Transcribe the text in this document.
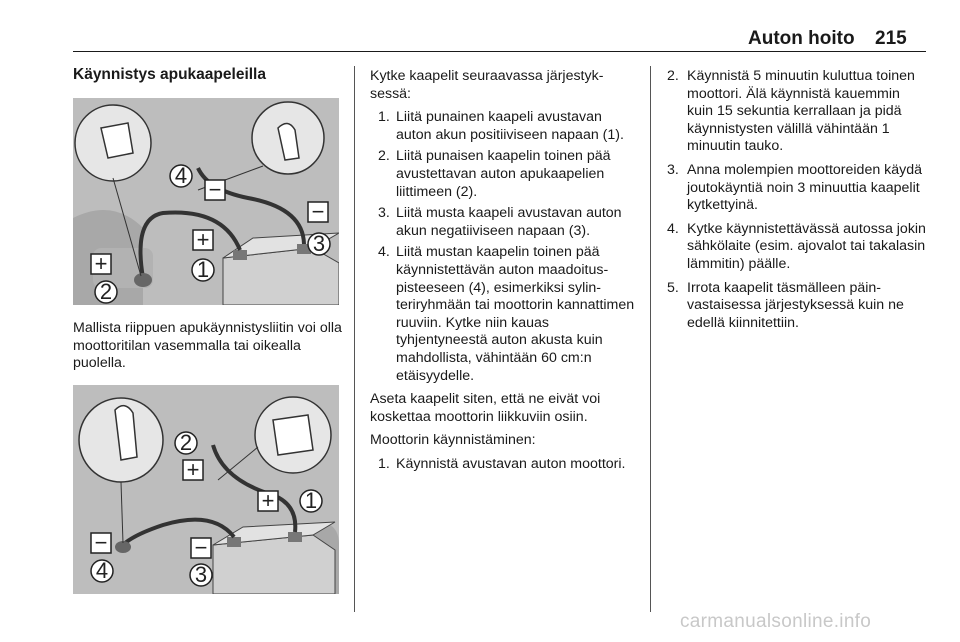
Auton hoito 215
Käynnistys apukaapeleilla
−
−
+
+
4
3
1
2

Mallista riippuen apukäynnistysliitin voi olla moottoritilan vasemmalla tai oikealla puolella.

+
+
−	−
2
1
4	3

Kytke kaapelit seuraavassa järjestyksessä:

1. Liitä punainen kaapeli avustavan auton akun positiiviseen napaan (1).
2. Liitä punaisen kaapelin toinen pää avustettavan auton apukaapelien liittimeen (2).
3. Liitä musta kaapeli avustavan auton akun negatiiviseen napaan (3).
4. Liitä mustan kaapelin toinen pää käynnistettävän auton maadoituspisteeseen (4), esimerkiksi sylinteriryhmään tai moottorin kannattimen ruuviin. Kytke niin kauas tyhjentyneestä auton akusta kuin mahdollista, vähintään 60 cm:n etäisyydelle.

Aseta kaapelit siten, että ne eivät voi koskettaa moottorin liikkuviin osiin.

Moottorin käynnistäminen:

1. Käynnistä avustavan auton moottori.
2. Käynnistä 5 minuutin kuluttua toinen moottori. Älä käynnistä kauemmin kuin 15 sekuntia kerrallaan ja pidä käynnistysten välillä vähintään 1 minuutin tauko.
3. Anna molempien moottoreiden käydä joutokäyntiä noin 3 minuuttia kaapelit kytkettyinä.
4. Kytke käynnistettävässä autossa jokin sähkölaite (esim. ajovalot tai takalasin lämmitin) päälle.
5. Irrota kaapelit täsmälleen päinvastaisessa järjestyksessä kuin ne edellä kiinnitettiin.
carmanualsonline.info
